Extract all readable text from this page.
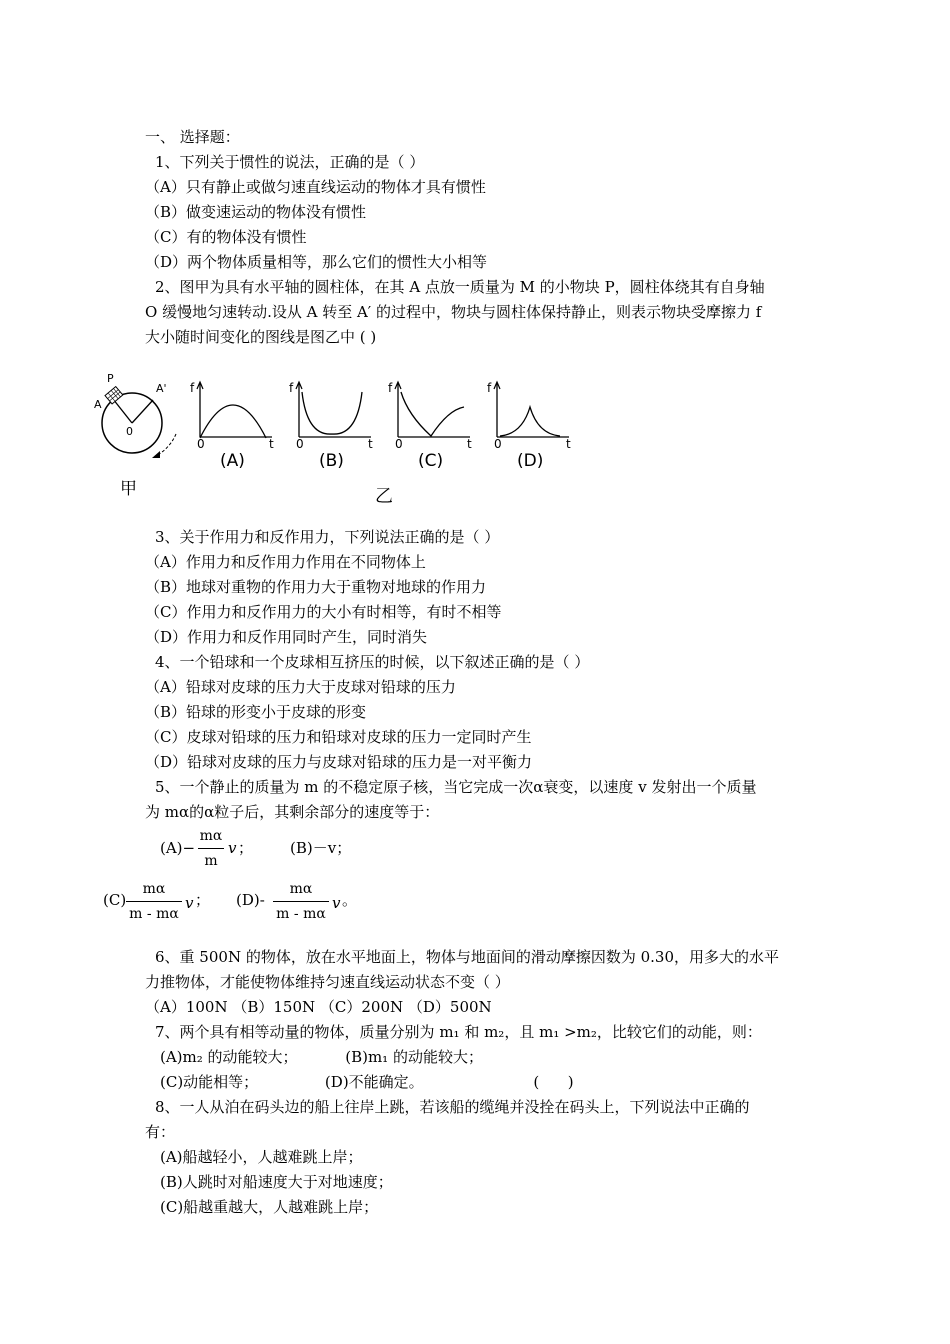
一、 选择题：
1、下列关于惯性的说法，正确的是（ ）
（A）只有静止或做匀速直线运动的物体才具有惯性
（B）做变速运动的物体没有惯性
（C）有的物体没有惯性
（D）两个物体质量相等，那么它们的惯性大小相等
2、图甲为具有水平轴的圆柱体，在其 A 点放一质量为 M 的小物块 P，圆柱体绕其有自身轴
O 缓慢地匀速转动.设从 A 转至 A′ 的过程中，物块与圆柱体保持静止，则表示物块受摩擦力 f
大小随时间变化的图线是图乙中 ( )
P
A
A'
0
甲
f
t
0
(A)
f
t
0
(B)
f
t
0
(C)
f
t
0
(D)
乙
3、关于作用力和反作用力，下列说法正确的是（ ）
（A）作用力和反作用力作用在不同物体上
（B）地球对重物的作用力大于重物对地球的作用力
（C）作用力和反作用力的大小有时相等，有时不相等
（D）作用力和反作用同时产生，同时消失
4、一个铅球和一个皮球相互挤压的时候，以下叙述正确的是（ ）
（A）铅球对皮球的压力大于皮球对铅球的压力
（B）铅球的形变小于皮球的形变
（C）皮球对铅球的压力和铅球对皮球的压力一定同时产生
（D）铅球对皮球的压力与皮球对铅球的压力是一对平衡力
5、一个静止的质量为 m 的不稳定原子核，当它完成一次α衰变，以速度 v 发射出一个质量
为 mα的α粒子后，其剩余部分的速度等于：
(A)−
mα
m
v ； (B)－v；
(C)
mα
m - mα
v ； (D)-
mα
m - mα
v 。
6、重 500N 的物体，放在水平地面上，物体与地面间的滑动摩擦因数为 0.30，用多大的水平
力推物体，才能使物体维持匀速直线运动状态不变（ ）
（A）100N （B）150N （C）200N （D）500N
7、两个具有相等动量的物体，质量分别为 m₁ 和 m₂，且 m₁ >m₂，比较它们的动能，则：
(A)m₂ 的动能较大；          (B)m₁ 的动能较大；
(C)动能相等；              (D)不能确定。                       (      )
8、一人从泊在码头边的船上往岸上跳，若该船的缆绳并没拴在码头上，下列说法中正确的
有：
(A)船越轻小，人越难跳上岸；
(B)人跳时对船速度大于对地速度；
(C)船越重越大，人越难跳上岸；
